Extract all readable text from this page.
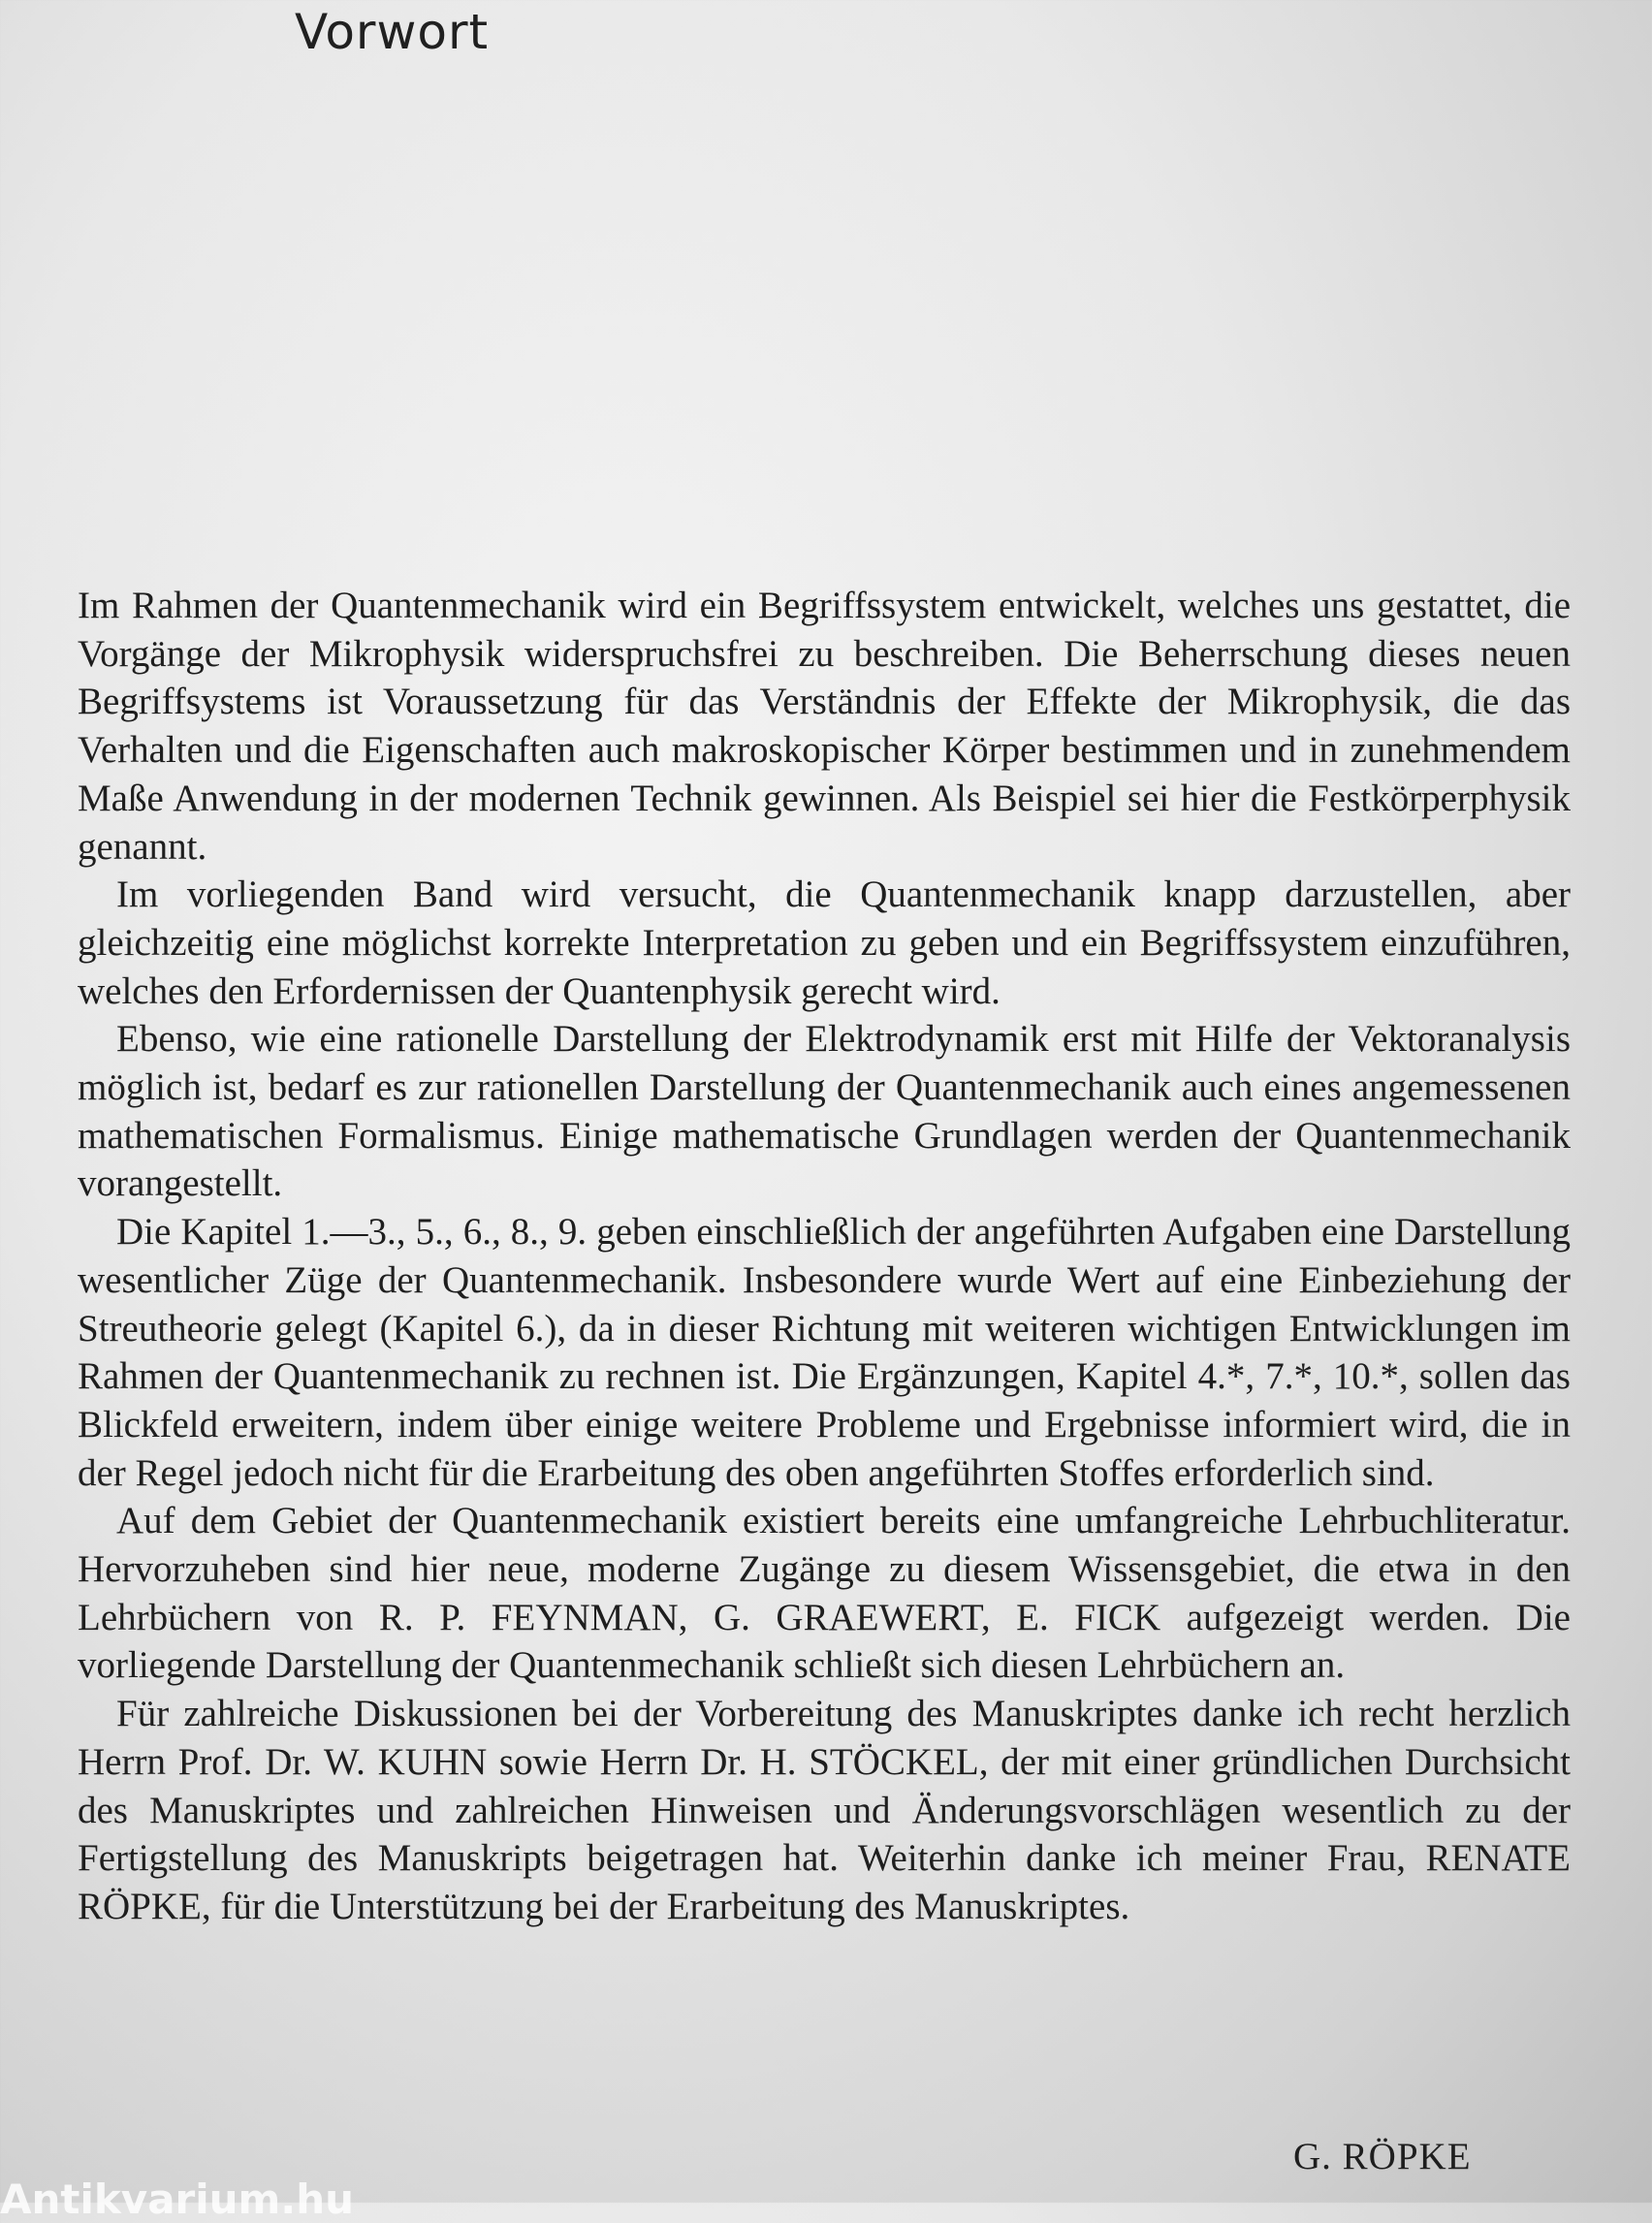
Vorwort

Im Rahmen der Quantenmechanik wird ein Begriffssystem entwickelt, welches uns gestattet, die Vorgänge der Mikrophysik widerspruchsfrei zu beschreiben. Die Beherrschung dieses neuen Begriffsystems ist Voraussetzung für das Verständnis der Effekte der Mikrophysik, die das Verhalten und die Eigenschaften auch makroskopischer Körper bestimmen und in zunehmendem Maße Anwendung in der modernen Technik gewinnen. Als Beispiel sei hier die Festkörperphysik genannt.

Im vorliegenden Band wird versucht, die Quantenmechanik knapp darzustellen, aber gleichzeitig eine möglichst korrekte Interpretation zu geben und ein Begriffssystem einzuführen, welches den Erfordernissen der Quantenphysik gerecht wird.

Ebenso, wie eine rationelle Darstellung der Elektrodynamik erst mit Hilfe der Vektoranalysis möglich ist, bedarf es zur rationellen Darstellung der Quantenmechanik auch eines angemessenen mathematischen Formalismus. Einige mathematische Grundlagen werden der Quantenmechanik vorangestellt.

Die Kapitel 1.—3., 5., 6., 8., 9. geben einschließlich der angeführten Aufgaben eine Darstellung wesentlicher Züge der Quantenmechanik. Insbesondere wurde Wert auf eine Einbeziehung der Streutheorie gelegt (Kapitel 6.), da in dieser Richtung mit weiteren wichtigen Entwicklungen im Rahmen der Quantenmechanik zu rechnen ist. Die Ergänzungen, Kapitel 4.*, 7.*, 10.*, sollen das Blickfeld erweitern, indem über einige weitere Probleme und Ergebnisse informiert wird, die in der Regel jedoch nicht für die Erarbeitung des oben angeführten Stoffes erforderlich sind.

Auf dem Gebiet der Quantenmechanik existiert bereits eine umfangreiche Lehrbuchliteratur. Hervorzuheben sind hier neue, moderne Zugänge zu diesem Wissensgebiet, die etwa in den Lehrbüchern von R. P. FEYNMAN, G. GRAEWERT, E. FICK aufgezeigt werden. Die vorliegende Darstellung der Quantenmechanik schließt sich diesen Lehrbüchern an.

Für zahlreiche Diskussionen bei der Vorbereitung des Manuskriptes danke ich recht herzlich Herrn Prof. Dr. W. KUHN sowie Herrn Dr. H. STÖCKEL, der mit einer gründlichen Durchsicht des Manuskriptes und zahlreichen Hinweisen und Änderungsvorschlägen wesentlich zu der Fertigstellung des Manuskripts beigetragen hat. Weiterhin danke ich meiner Frau, RENATE RÖPKE, für die Unterstützung bei der Erarbeitung des Manuskriptes.

G. RÖPKE
Antikvarium.hu
